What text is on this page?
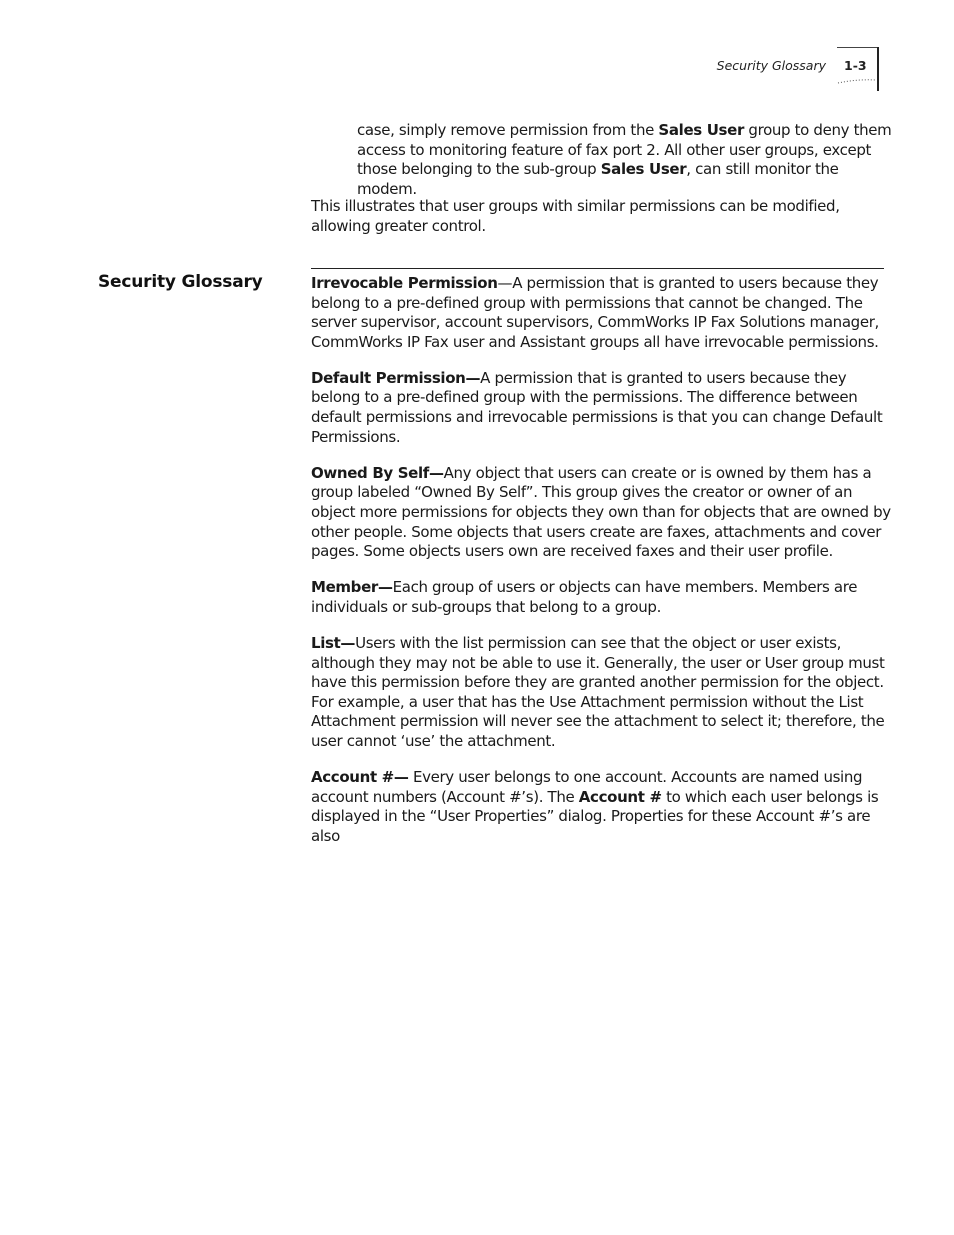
Security Glossary 1-3

case, simply remove permission from the Sales User group to deny them access to monitoring feature of fax port 2. All other user groups, except those belonging to the sub-group Sales User, can still monitor the modem.

This illustrates that user groups with similar permissions can be modified, allowing greater control.

Security Glossary	Irrevocable Permission—A permission that is granted to users because they belong to a pre-defined group with permissions that cannot be changed. The server supervisor, account supervisors, CommWorks IP Fax Solutions manager, CommWorks IP Fax user and Assistant groups all have irrevocable permissions.

Default Permission—A permission that is granted to users because they belong to a pre-defined group with the permissions. The difference between default permissions and irrevocable permissions is that you can change Default Permissions.

Owned By Self—Any object that users can create or is owned by them has a group labeled “Owned By Self”. This group gives the creator or owner of an object more permissions for objects they own than for objects that are owned by other people. Some objects that users create are faxes, attachments and cover pages. Some objects users own are received faxes and their user profile.

Member—Each group of users or objects can have members. Members are individuals or sub-groups that belong to a group.

List—Users with the list permission can see that the object or user exists, although they may not be able to use it. Generally, the user or User group must have this permission before they are granted another permission for the object. For example, a user that has the Use Attachment permission without the List Attachment permission will never see the attachment to select it; therefore, the user cannot ‘use’ the attachment.

Account #— Every user belongs to one account. Accounts are named using account numbers (Account #’s). The Account # to which each user belongs is displayed in the “User Properties” dialog. Properties for these Account #’s are also
